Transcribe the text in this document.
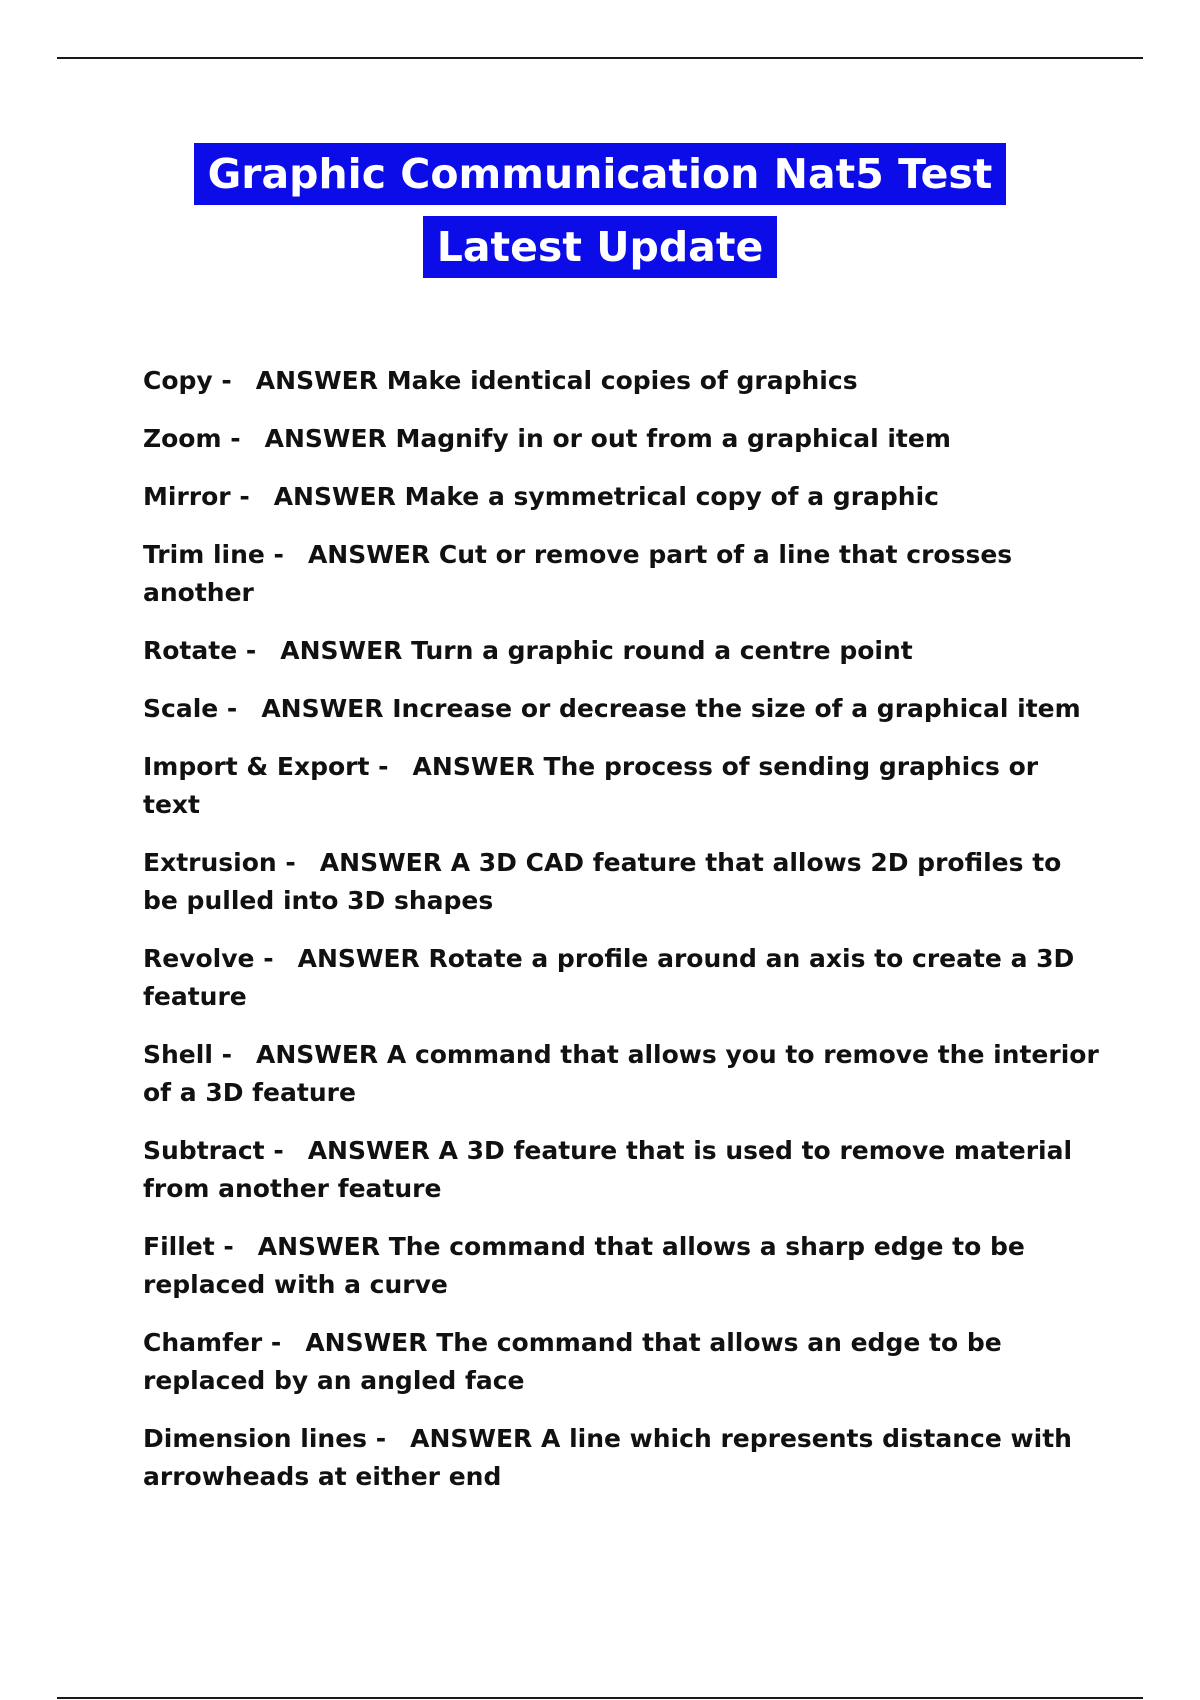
Graphic Communication Nat5 Test
Latest Update

Copy - ANSWER Make identical copies of graphics

Zoom - ANSWER Magnify in or out from a graphical item

Mirror - ANSWER Make a symmetrical copy of a graphic

Trim line - ANSWER Cut or remove part of a line that crosses another

Rotate - ANSWER Turn a graphic round a centre point

Scale - ANSWER Increase or decrease the size of a graphical item

Import & Export - ANSWER The process of sending graphics or text

Extrusion - ANSWER A 3D CAD feature that allows 2D profiles to be pulled into 3D shapes

Revolve - ANSWER Rotate a profile around an axis to create a 3D feature

Shell - ANSWER A command that allows you to remove the interior of a 3D feature

Subtract - ANSWER A 3D feature that is used to remove material from another feature

Fillet - ANSWER The command that allows a sharp edge to be replaced with a curve

Chamfer - ANSWER The command that allows an edge to be replaced by an angled face

Dimension lines - ANSWER A line which represents distance with arrowheads at either end
